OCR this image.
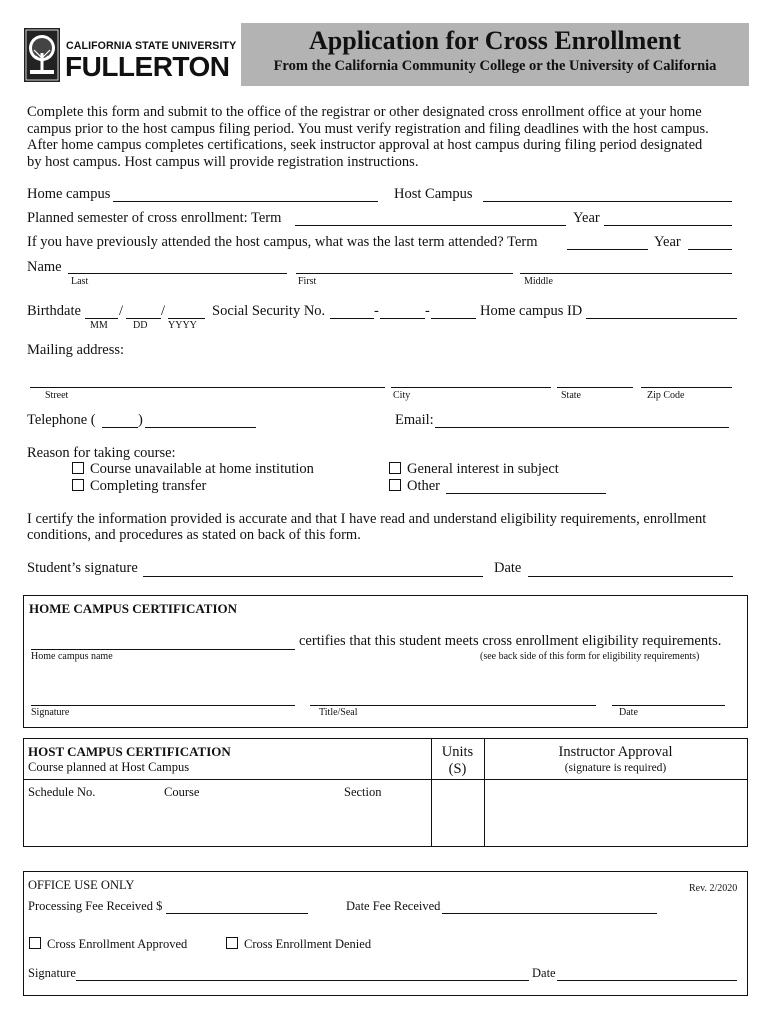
CALIFORNIA STATE UNIVERSITY
FULLERTON
Application for Cross Enrollment
From the California Community College or the University of California

Complete this form and submit to the office of the registrar or other designated cross enrollment office at your home

campus prior to the host campus filing period. You must verify registration and filing deadlines with the host campus.

After home campus completes certifications, seek instructor approval at host campus during filing period designated

by host campus. Host campus will provide registration instructions.

Home campus	Host Campus
Planned semester of cross enrollment: Term	Year
If you have previously attended the host campus, what was the last term attended? Term	Year
Name
Last	First	Middle
Birthdate	/	/
MM	DD YYYY
Social Security No.	-	-	Home campus ID
Mailing address:
Street	City	State	Zip Code
Telephone (	)	Email:
Reason for taking course:
Course unavailable at home institution
Completing transfer
General interest in subject
Other
I certify the information provided is accurate and that I have read and understand eligibility requirements, enrollment
conditions, and procedures as stated on back of this form.
Student’s signature	Date
HOME CAMPUS CERTIFICATION
certifies that this student meets cross enrollment eligibility requirements.
Home campus name	(see back side of this form for eligibility requirements)
Signature	Title/Seal	Date
HOST CAMPUS CERTIFICATION
Course planned at Host Campus
Units
(S)
Instructor Approval
(signature is required)
Schedule No.	Course	Section
OFFICE USE ONLY	Rev. 2/2020
Processing Fee Received $	Date Fee Received
Cross Enrollment Approved	Cross Enrollment Denied
Signature	Date
